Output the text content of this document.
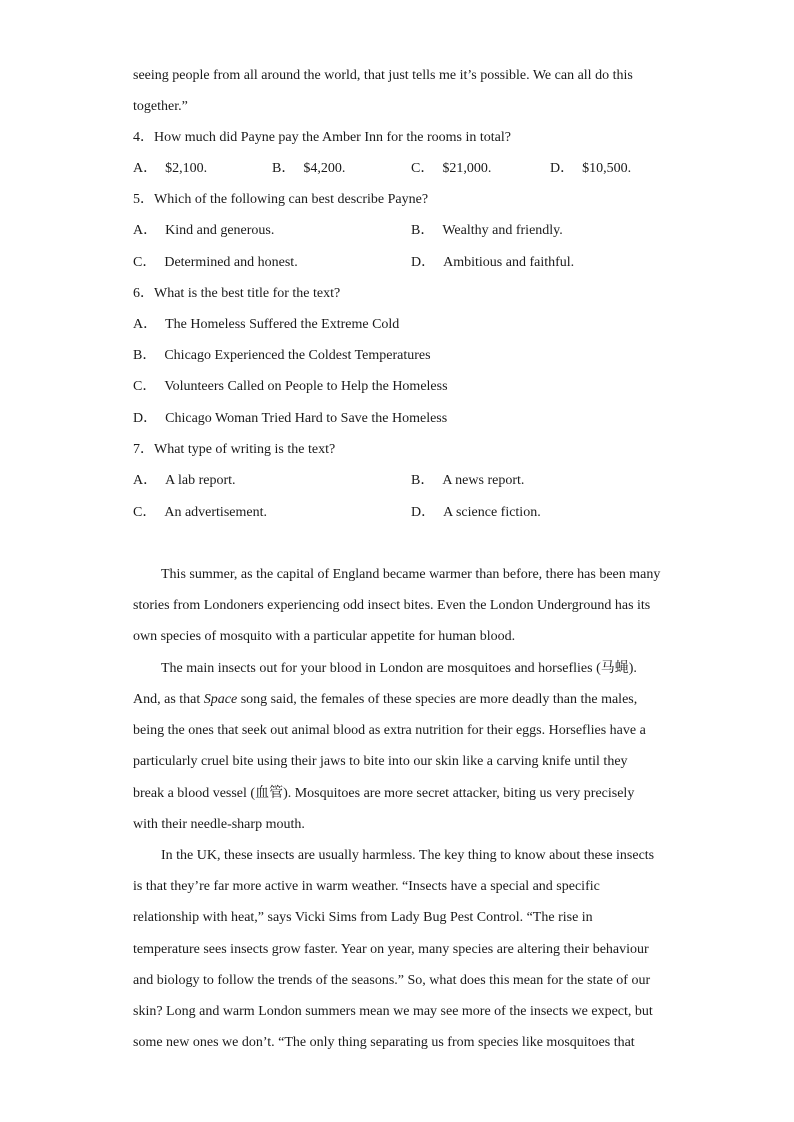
seeing people from all around the world, that just tells me it’s possible. We can all do this
together.”
4．How much did Payne pay the Amber Inn for the rooms in total?
A． $2,100.	B． $4,200.	C． $21,000.	D． $10,500.
5．Which of the following can best describe Payne?
A． Kind and generous.	B． Wealthy and friendly.
C． Determined and honest.	D． Ambitious and faithful.
6．What is the best title for the text?
A． The Homeless Suffered the Extreme Cold
B． Chicago Experienced the Coldest Temperatures
C． Volunteers Called on People to Help the Homeless
D． Chicago Woman Tried Hard to Save the Homeless
7．What type of writing is the text?
A． A lab report.	B． A news report.
C． An advertisement.	D． A science fiction.
This summer, as the capital of England became warmer than before, there has been many
stories from Londoners experiencing odd insect bites. Even the London Underground has its
own species of mosquito with a particular appetite for human blood.
The main insects out for your blood in London are mosquitoes and horseflies (马蝇).
And, as that Space song said, the females of these species are more deadly than the males,
being the ones that seek out animal blood as extra nutrition for their eggs. Horseflies have a
particularly cruel bite using their jaws to bite into our skin like a carving knife until they
break a blood vessel (血管). Mosquitoes are more secret attacker, biting us very precisely
with their needle-sharp mouth.
In the UK, these insects are usually harmless. The key thing to know about these insects
is that they’re far more active in warm weather. “Insects have a special and specific
relationship with heat,” says Vicki Sims from Lady Bug Pest Control. “The rise in
temperature sees insects grow faster. Year on year, many species are altering their behaviour
and biology to follow the trends of the seasons.” So, what does this mean for the state of our
skin? Long and warm London summers mean we may see more of the insects we expect, but
some new ones we don’t. “The only thing separating us from species like mosquitoes that
